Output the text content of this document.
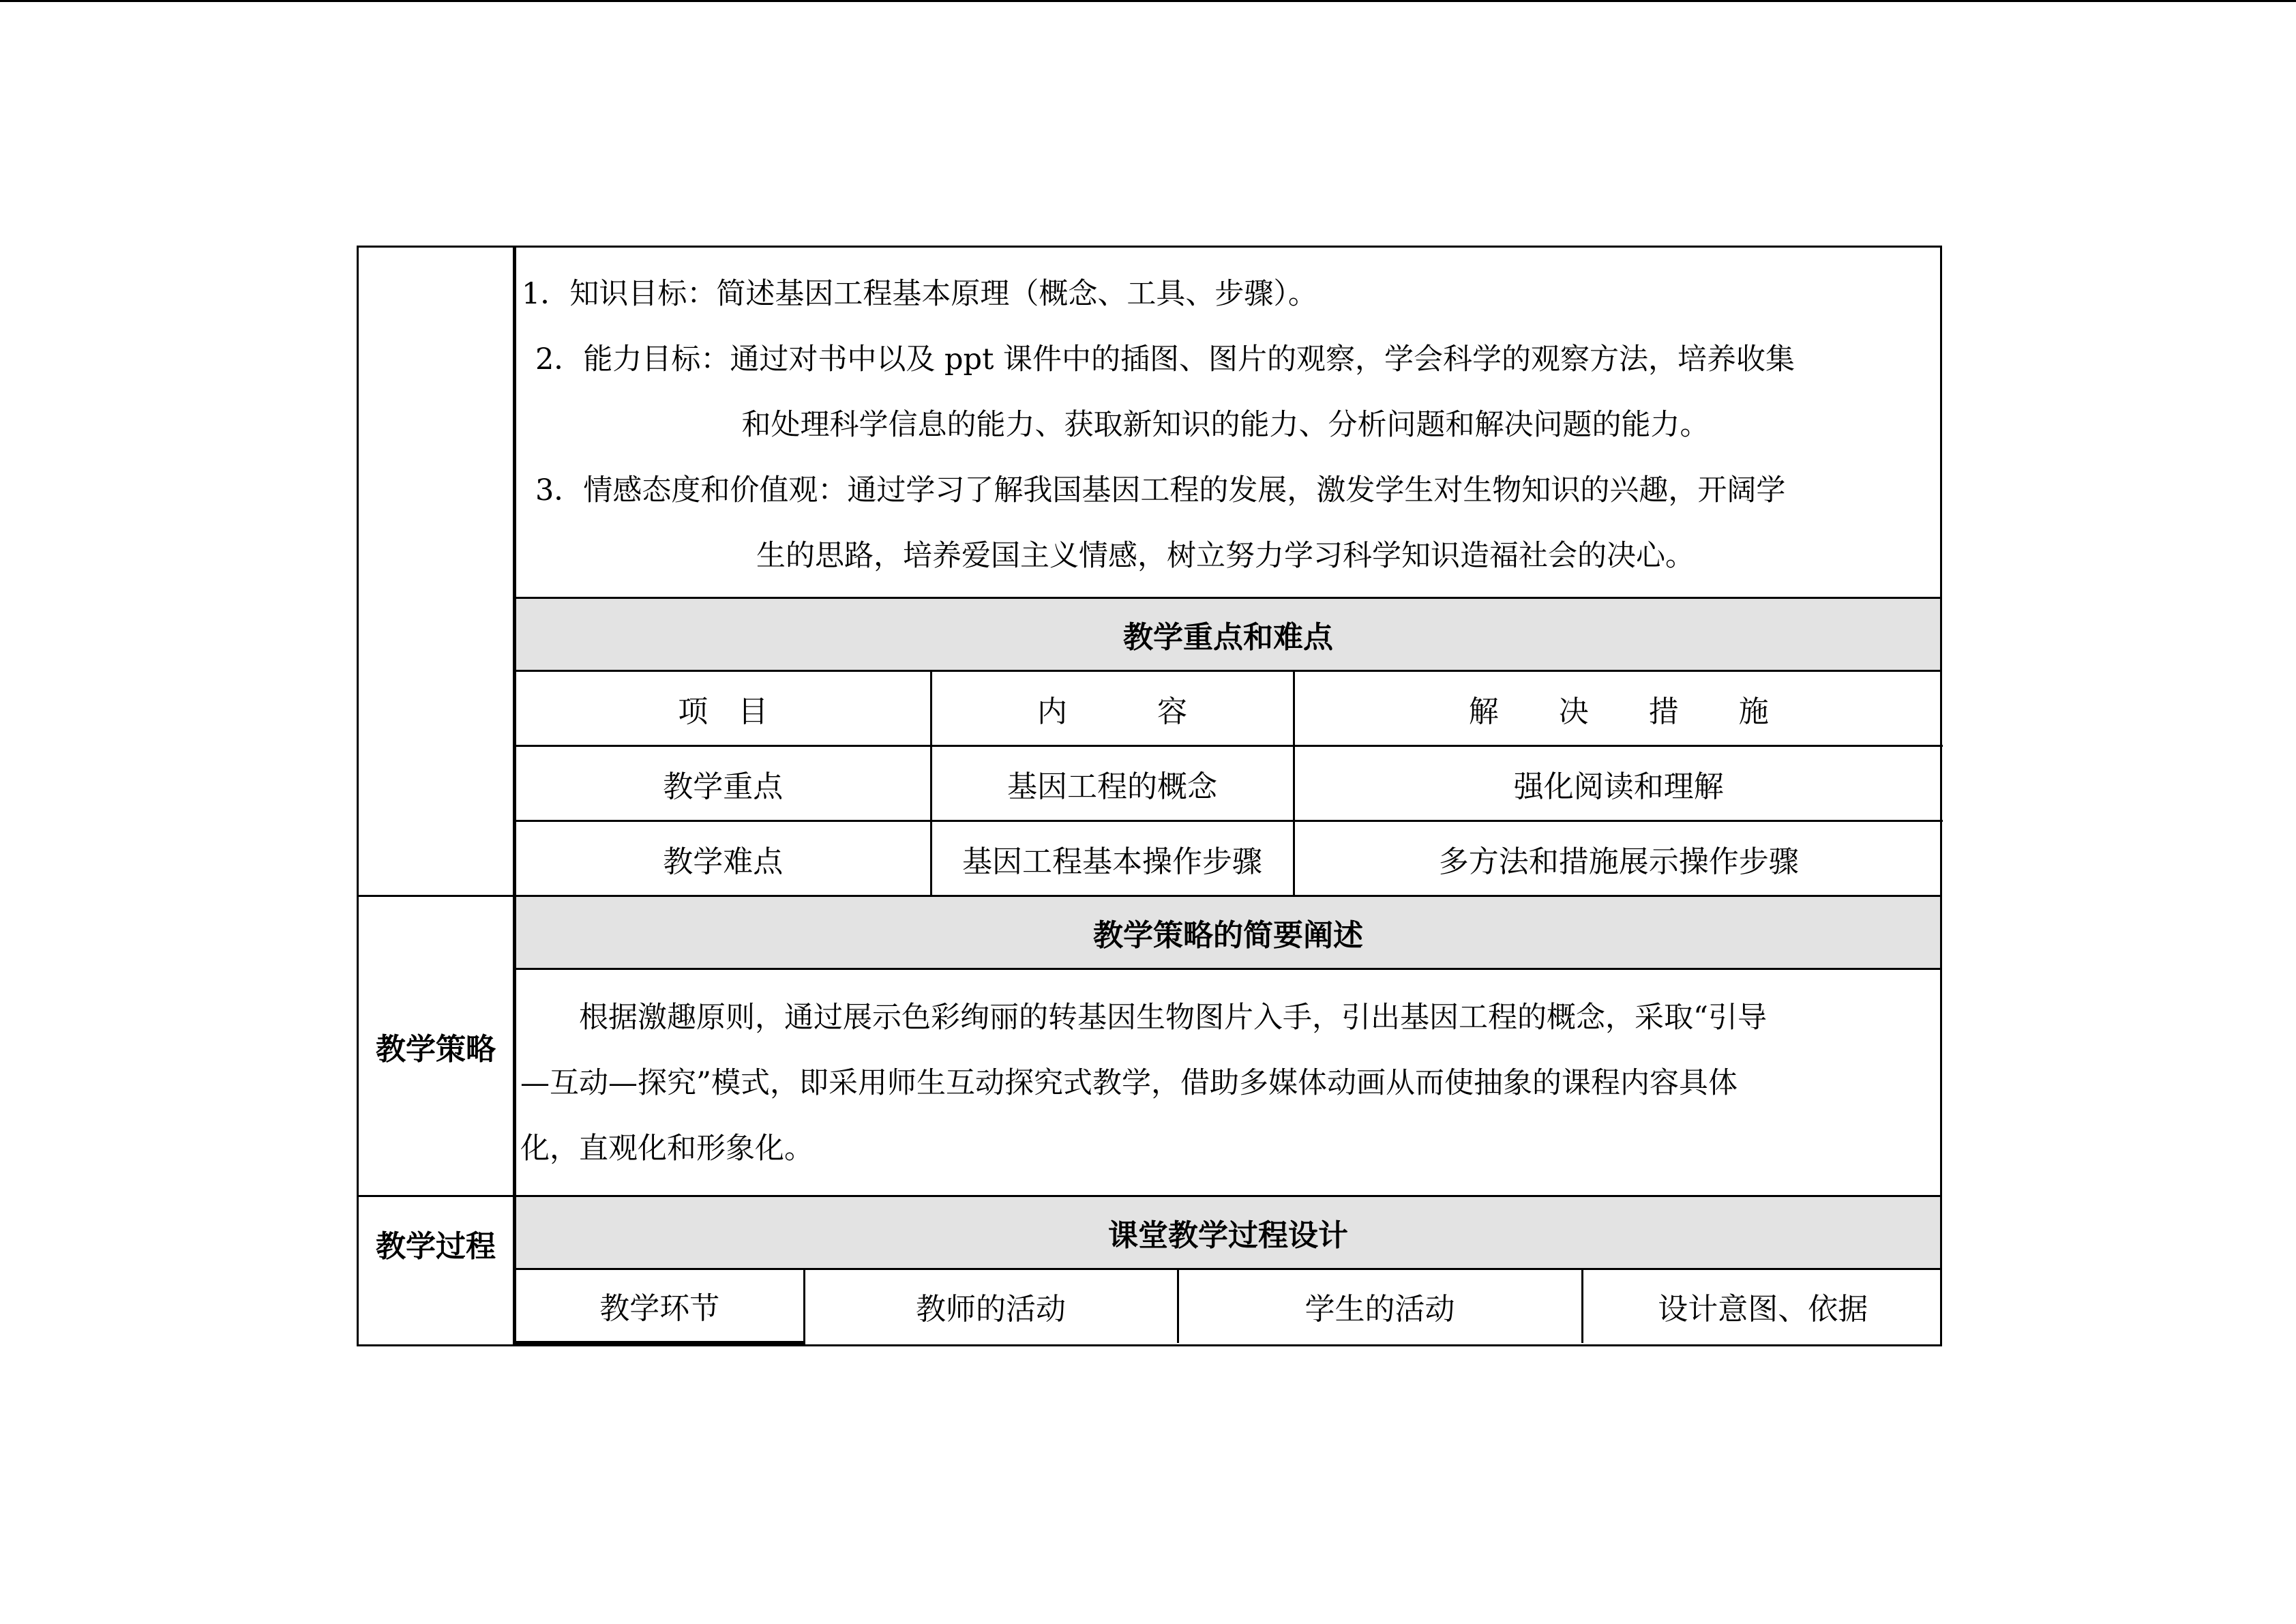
1．知识目标：简述基因工程基本原理（概念、工具、步骤）。
2．能力目标：通过对书中以及 ppt 课件中的插图、图片的观察，学会科学的观察方法，培养收集
和处理科学信息的能力、获取新知识的能力、分析问题和解决问题的能力。
3．情感态度和价值观：通过学习了解我国基因工程的发展，激发学生对生物知识的兴趣，开阔学
生的思路，培养爱国主义情感，树立努力学习科学知识造福社会的决心。

教学重点和难点

项　目	内　　　容	解　　决　　措　　施
教学重点	基因工程的概念	强化阅读和理解
教学难点	基因工程基本操作步骤	多方法和措施展示操作步骤

教学策略	教学策略的简要阐述

　　根据激趣原则，通过展示色彩绚丽的转基因生物图片入手，引出基因工程的概念，采取“引导
—互动—探究”模式，即采用师生互动探究式教学，借助多媒体动画从而使抽象的课程内容具体
化，直观化和形象化。

教学过程	课堂教学过程设计

教学环节	教师的活动	学生的活动	设计意图、依据
